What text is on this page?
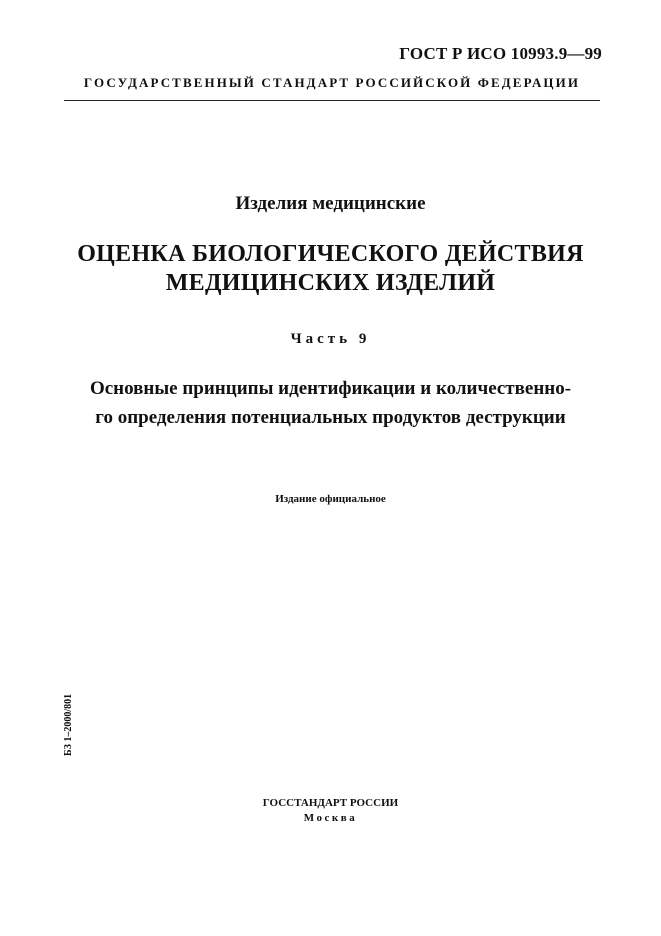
ГОСТ Р ИСО 10993.9—99
ГОСУДАРСТВЕННЫЙ СТАНДАРТ РОССИЙСКОЙ ФЕДЕРАЦИИ
Изделия медицинские
ОЦЕНКА БИОЛОГИЧЕСКОГО ДЕЙСТВИЯ
МЕДИЦИНСКИХ ИЗДЕЛИЙ
Часть 9
Основные принципы идентификации и количественно-
го определения потенциальных продуктов деструкции
Издание официальное
БЗ 1–2000/801
ГОССТАНДАРТ РОССИИ
Москва
